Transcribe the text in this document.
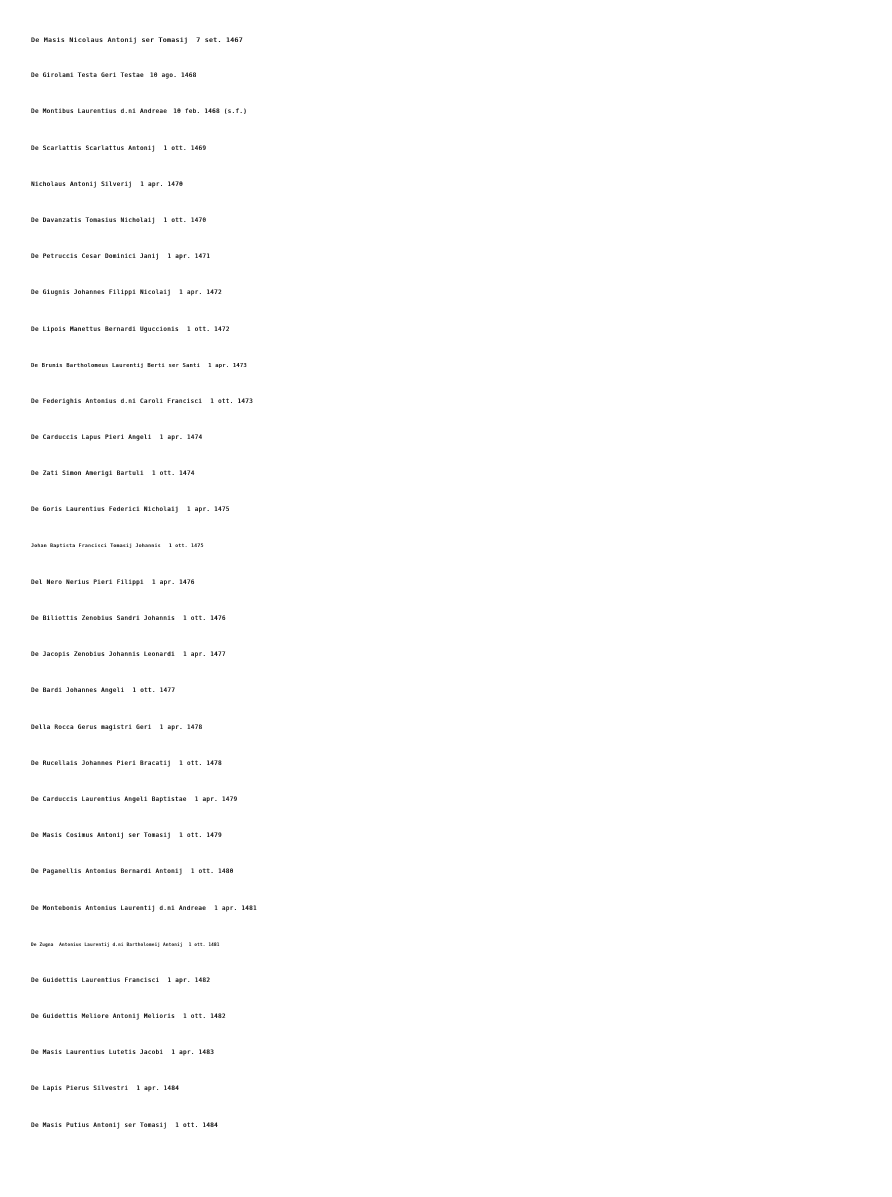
De Masis Nicolaus Antonij ser Tomasij 7 set. 1467
De Girolami Testa Geri Testae 10 ago. 1468
De Montibus Laurentius d.ni Andreae 10 feb. 1468 (s.f.)
De Scarlattis Scarlattus Antonij 1 ott. 1469
Nicholaus Antonij Silverij 1 apr. 1470
De Davanzatis Tomasius Nicholaij 1 ott. 1470
De Petruccis Cesar Dominici Janij 1 apr. 1471
De Giugnis Johannes Filippi Nicolaij 1 apr. 1472
De Lipois Manettus Bernardi Uguccionis 1 ott. 1472
De Brunis Bartholomeus Laurentij Berti ser Santi 1 apr. 1473
De Federighis Antonius d.ni Caroli Francisci 1 ott. 1473
De Carduccis Lapus Pieri Angeli 1 apr. 1474
De Zati Simon Amerigi Bartuli 1 ott. 1474
De Goris Laurentius Federici Nicholaij 1 apr. 1475
Johan Baptista Francisci Tomasij Johannis 1 ott. 1475
Del Nero Nerius Pieri Filippi 1 apr. 1476
De Biliottis Zenobius Sandri Johannis 1 ott. 1476
De Jacopis Zenobius Johannis Leonardi 1 apr. 1477
De Bardi Johannes Angeli 1 ott. 1477
Della Rocca Gerus magistri Geri 1 apr. 1478
De Rucellais Johannes Pieri Bracatij 1 ott. 1478
De Carduccis Laurentius Angeli Baptistae 1 apr. 1479
De Masis Cosimus Antonij ser Tomasij 1 ott. 1479
De Paganellis Antonius Bernardi Antonij 1 ott. 1480
De Montebonis Antonius Laurentij d.ni Andreae 1 apr. 1481
De Zugna  Antonius Laurentij d.ni Bartholomeij Antonij 1 ott. 1481
De Guidettis Laurentius Francisci 1 apr. 1482
De Guidettis Meliore Antonij Melioris 1 ott. 1482
De Masis Laurentius Lutetis Jacobi 1 apr. 1483
De Lapis Pierus Silvestri 1 apr. 1484
De Masis Putius Antonij ser Tomasij 1 ott. 1484
